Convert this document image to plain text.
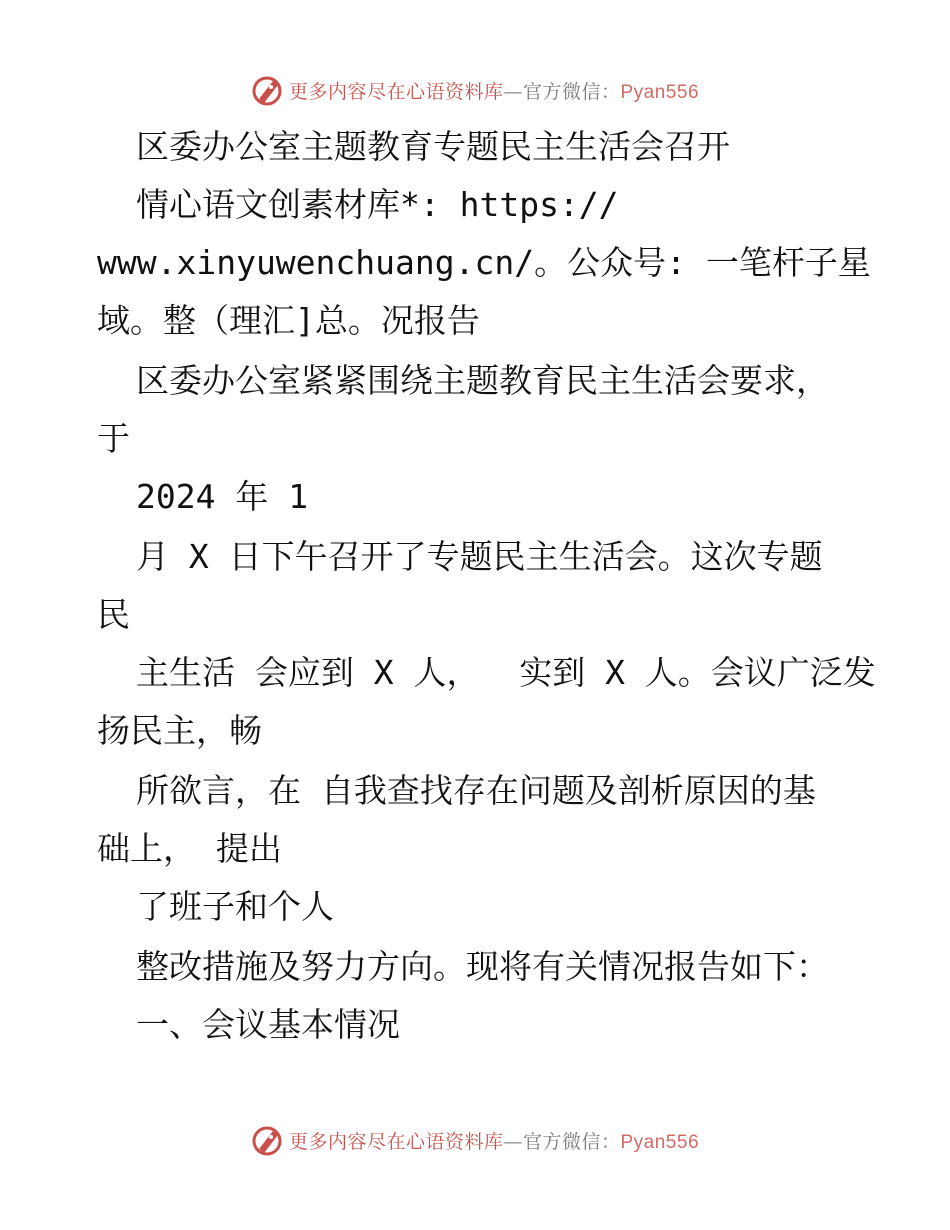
更多内容尽在心语资料库—官方微信：Pyan556
区委办公室主题教育专题民主生活会召开
情心语文创素材库*: https://
www.xinyuwenchuang.cn/。公众号: 一笔杆子星
域。整（理汇]总。况报告
区委办公室紧紧围绕主题教育民主生活会要求，
于
2024 年 1
月 X 日下午召开了专题民主生活会。这次专题
民
主生活 会应到 X 人，  实到 X 人。会议广泛发
扬民主，畅
所欲言，在 自我查找存在问题及剖析原因的基
础上， 提出
了班子和个人
整改措施及努力方向。现将有关情况报告如下：
一、会议基本情况
更多内容尽在心语资料库—官方微信：Pyan556
